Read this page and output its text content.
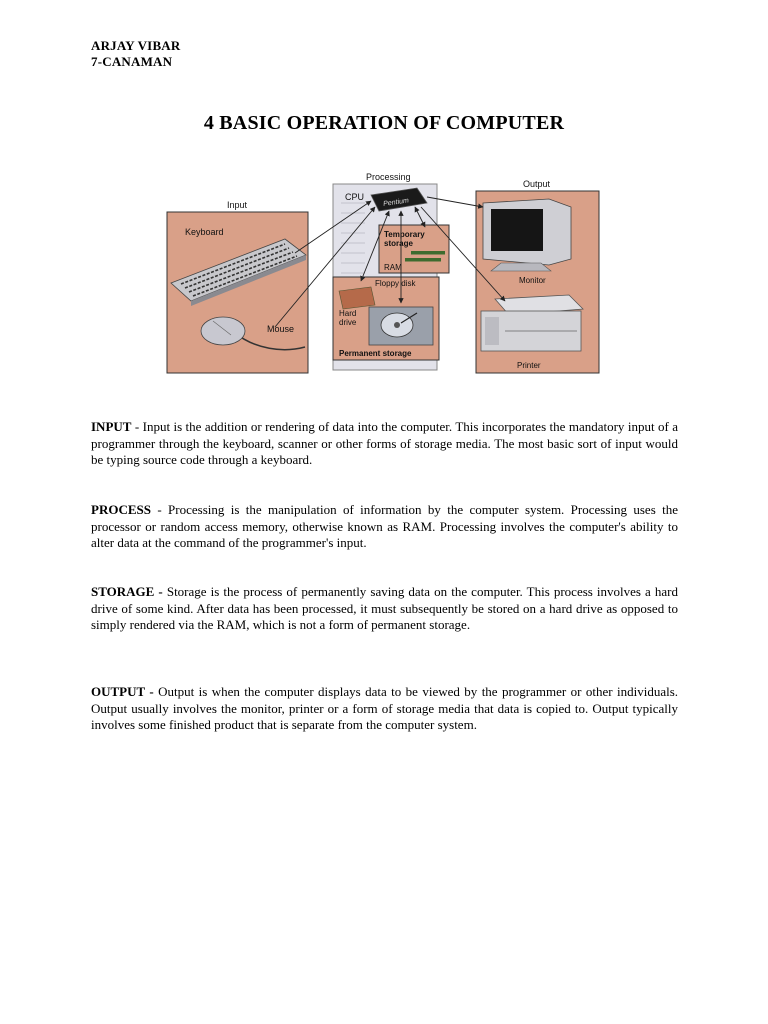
ARJAY VIBAR
7-CANAMAN
4 BASIC OPERATION OF COMPUTER
Input
Keyboard
Mouse
Processing
CPU
Pentium
Temporary
storage
RAM
Floppy disk
Hard
drive
Permanent storage
Output
Monitor
Printer
INPUT - Input is the addition or rendering of data into the computer. This incorporates the mandatory input of a programmer through the keyboard, scanner or other forms of storage media. The most basic sort of input would be typing source code through a keyboard.
PROCESS - Processing is the manipulation of information by the computer system. Processing uses the processor or random access memory, otherwise known as RAM. Processing involves the computer's ability to alter data at the command of the programmer's input.
STORAGE - Storage is the process of permanently saving data on the computer. This process involves a hard drive of some kind. After data has been processed, it must subsequently be stored on a hard drive as opposed to simply rendered via the RAM, which is not a form of permanent storage.
OUTPUT - Output is when the computer displays data to be viewed by the programmer or other individuals. Output usually involves the monitor, printer or a form of storage media that data is copied to. Output typically involves some finished product that is separate from the computer system.
